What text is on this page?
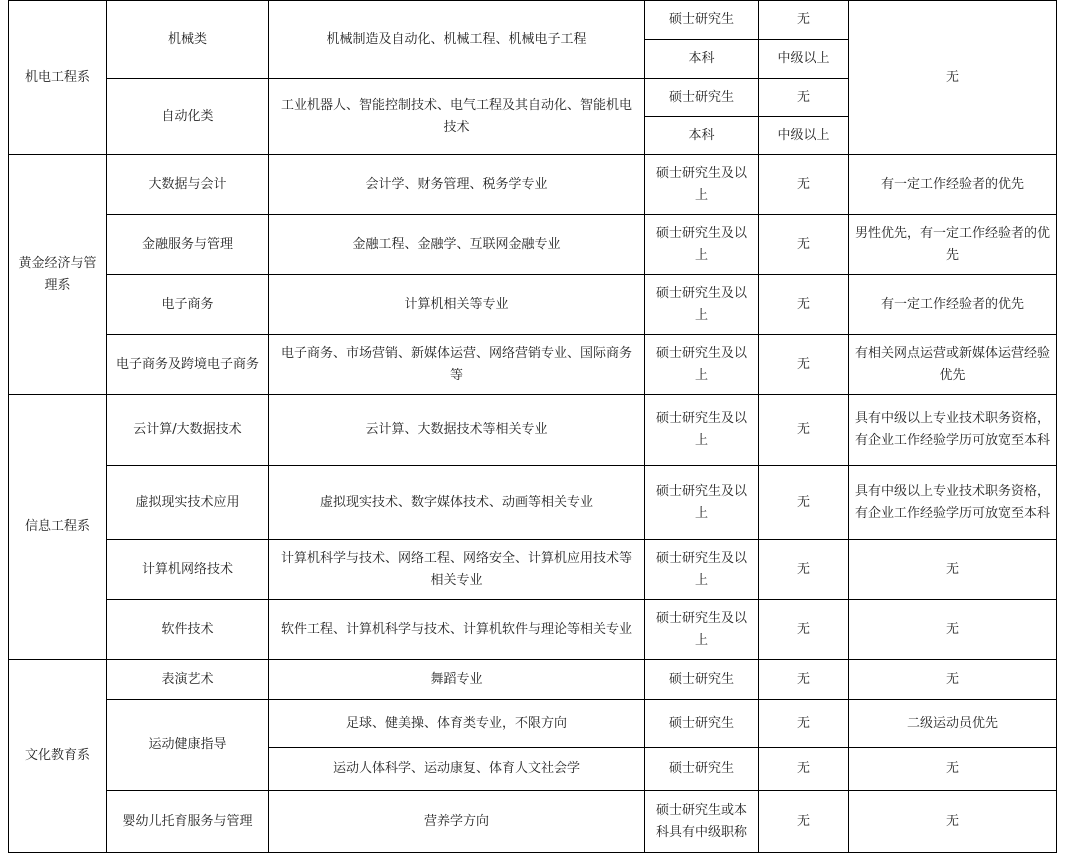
机电工程系	机械类	机械制造及自动化、机械工程、机械电子工程	硕士研究生	无	无
			本科	中级以上	
	自动化类	工业机器人、智能控制技术、电气工程及其自动化、智能机电技术	硕士研究生	无	
			本科	中级以上	
黄金经济与管理系	大数据与会计	会计学、财务管理、税务学专业	硕士研究生及以上	无	有一定工作经验者的优先
	金融服务与管理	金融工程、金融学、互联网金融专业	硕士研究生及以上	无	男性优先，有一定工作经验者的优先
	电子商务	计算机相关等专业	硕士研究生及以上	无	有一定工作经验者的优先
	电子商务及跨境电子商务	电子商务、市场营销、新媒体运营、网络营销专业、国际商务等	硕士研究生及以上	无	有相关网点运营或新媒体运营经验优先
信息工程系	云计算/大数据技术	云计算、大数据技术等相关专业	硕士研究生及以上	无	具有中级以上专业技术职务资格，有企业工作经验学历可放宽至本科
	虚拟现实技术应用	虚拟现实技术、数字媒体技术、动画等相关专业	硕士研究生及以上	无	具有中级以上专业技术职务资格，有企业工作经验学历可放宽至本科
	计算机网络技术	计算机科学与技术、网络工程、网络安全、计算机应用技术等相关专业	硕士研究生及以上	无	无
	软件技术	软件工程、计算机科学与技术、计算机软件与理论等相关专业	硕士研究生及以上	无	无
文化教育系	表演艺术	舞蹈专业	硕士研究生	无	无
	运动健康指导	足球、健美操、体育类专业，不限方向	硕士研究生	无	二级运动员优先
		运动人体科学、运动康复、体育人文社会学	硕士研究生	无	无
	婴幼儿托育服务与管理	营养学方向	硕士研究生或本科具有中级职称	无	无
